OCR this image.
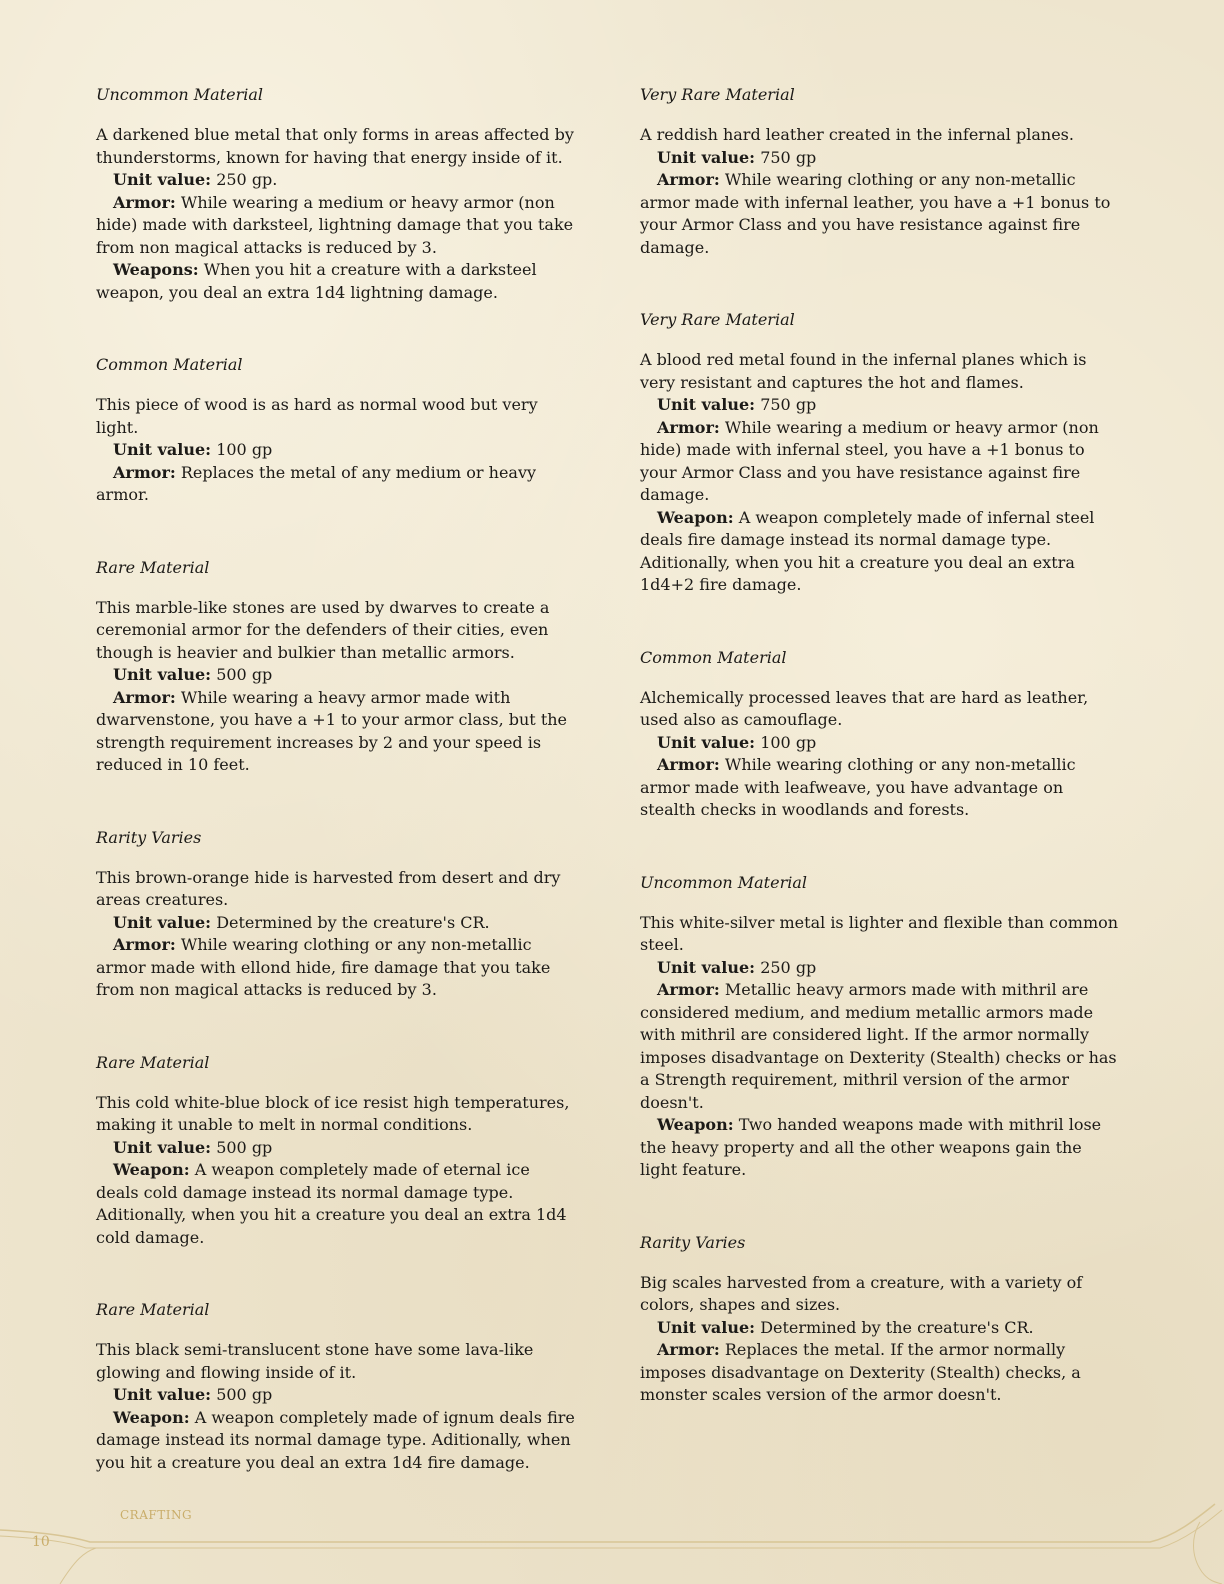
Uncommon Material

A darkened blue metal that only forms in areas affected by thunderstorms, known for having that energy inside of it.

Unit value: 250 gp.

Armor: While wearing a medium or heavy armor (non hide) made with darksteel, lightning damage that you take from non magical attacks is reduced by 3.

Weapons: When you hit a creature with a darksteel weapon, you deal an extra 1d4 lightning damage.

Common Material

This piece of wood is as hard as normal wood but very light.

Unit value: 100 gp

Armor: Replaces the metal of any medium or heavy armor.

Rare Material

This marble-like stones are used by dwarves to create a ceremonial armor for the defenders of their cities, even though is heavier and bulkier than metallic armors.

Unit value: 500 gp

Armor: While wearing a heavy armor made with dwarvenstone, you have a +1 to your armor class, but the strength requirement increases by 2 and your speed is reduced in 10 feet.

Rarity Varies

This brown-orange hide is harvested from desert and dry areas creatures.

Unit value: Determined by the creature's CR.

Armor: While wearing clothing or any non-metallic armor made with ellond hide, fire damage that you take from non magical attacks is reduced by 3.

Rare Material

This cold white-blue block of ice resist high temperatures, making it unable to melt in normal conditions.

Unit value: 500 gp

Weapon: A weapon completely made of eternal ice deals cold damage instead its normal damage type. Aditionally, when you hit a creature you deal an extra 1d4 cold damage.

Rare Material

This black semi-translucent stone have some lava-like glowing and flowing inside of it.

Unit value: 500 gp

Weapon: A weapon completely made of ignum deals fire damage instead its normal damage type. Aditionally, when you hit a creature you deal an extra 1d4 fire damage.

Very Rare Material

A reddish hard leather created in the infernal planes.

Unit value: 750 gp

Armor: While wearing clothing or any non-metallic armor made with infernal leather, you have a +1 bonus to your Armor Class and you have resistance against fire damage.

Very Rare Material

A blood red metal found in the infernal planes which is very resistant and captures the hot and flames.

Unit value: 750 gp

Armor: While wearing a medium or heavy armor (non hide) made with infernal steel, you have a +1 bonus to your Armor Class and you have resistance against fire damage.

Weapon: A weapon completely made of infernal steel deals fire damage instead its normal damage type. Aditionally, when you hit a creature you deal an extra 1d4+2 fire damage.

Common Material

Alchemically processed leaves that are hard as leather, used also as camouflage.

Unit value: 100 gp

Armor: While wearing clothing or any non-metallic armor made with leafweave, you have advantage on stealth checks in woodlands and forests.

Uncommon Material

This white-silver metal is lighter and flexible than common steel.

Unit value: 250 gp

Armor: Metallic heavy armors made with mithril are considered medium, and medium metallic armors made with mithril are considered light. If the armor normally imposes disadvantage on Dexterity (Stealth) checks or has a Strength requirement, mithril version of the armor doesn't.

Weapon: Two handed weapons made with mithril lose the heavy property and all the other weapons gain the light feature.

Rarity Varies

Big scales harvested from a creature, with a variety of colors, shapes and sizes.

Unit value: Determined by the creature's CR.

Armor: Replaces the metal. If the armor normally imposes disadvantage on Dexterity (Stealth) checks, a monster scales version of the armor doesn't.

CRAFTING
10
